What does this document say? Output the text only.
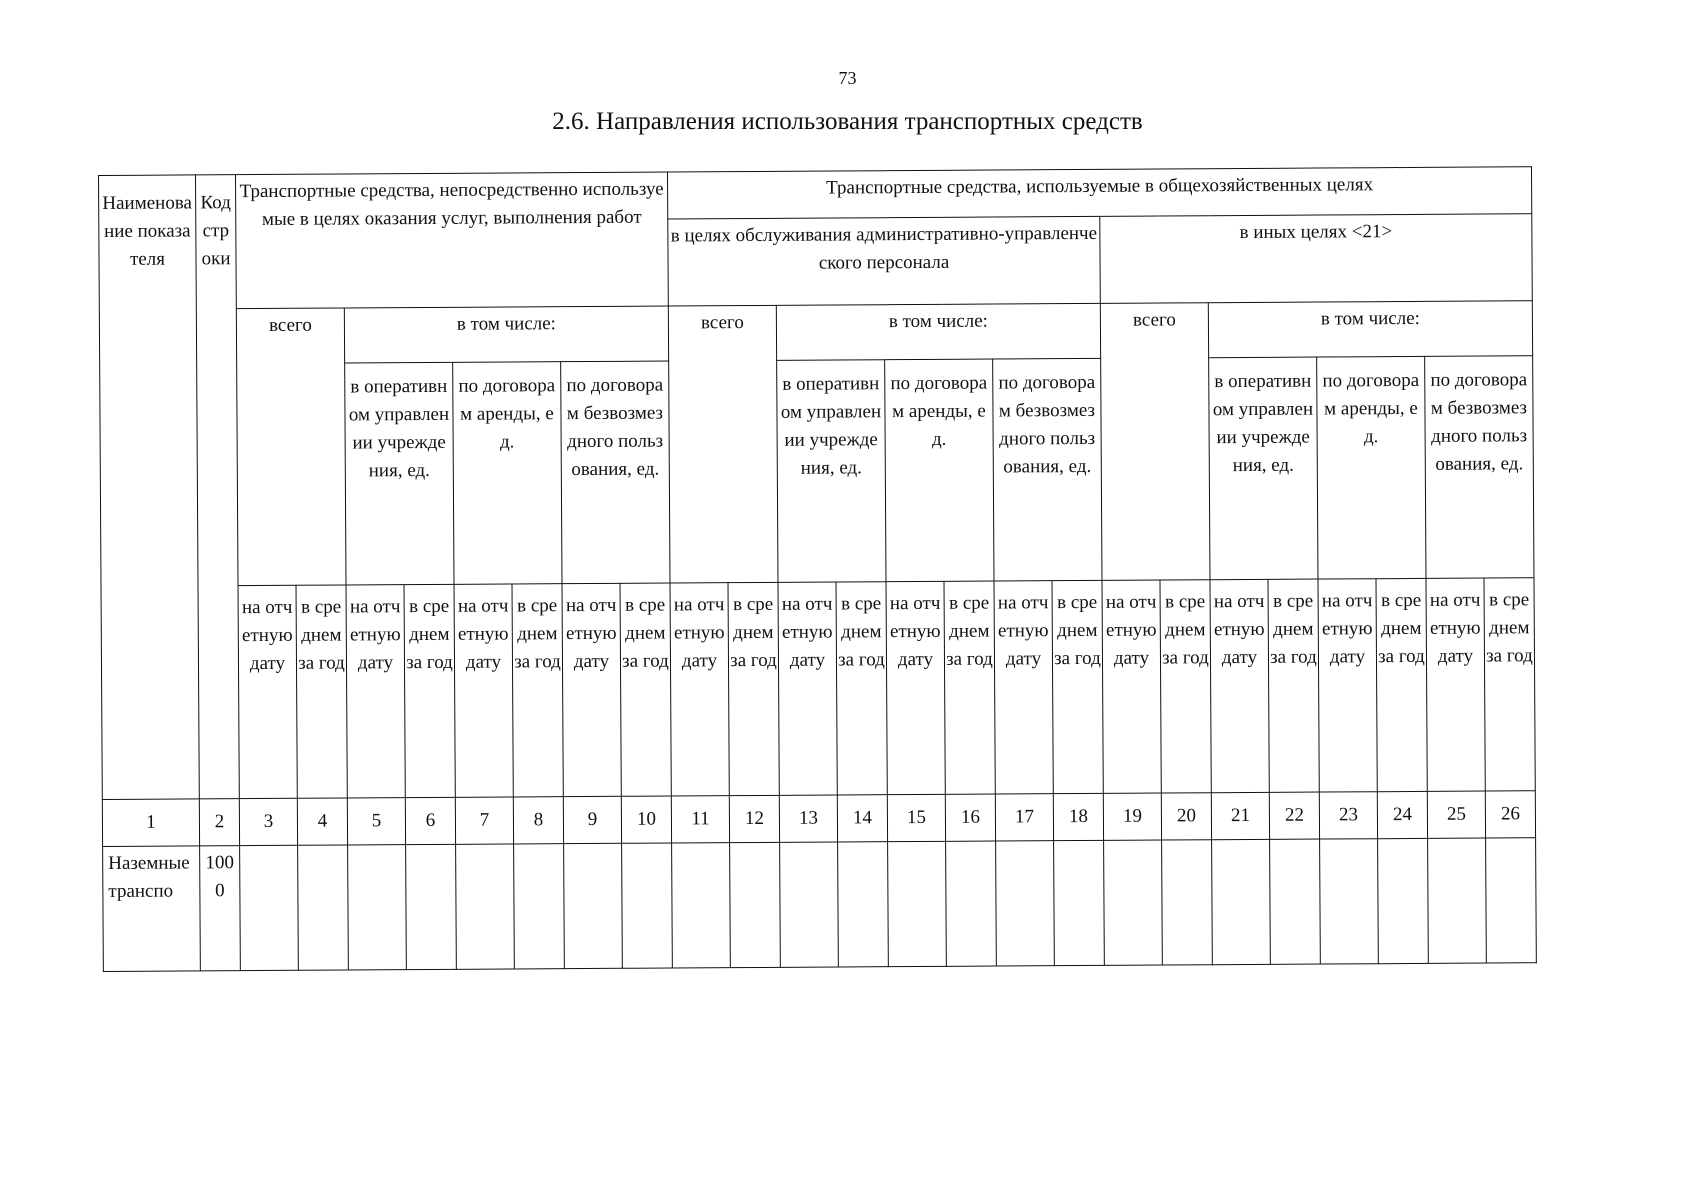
73
2.6. Направления использования транспортных средств
Наименование показателя	Код строки	Транспортные средства, непосредственно используемые в целях оказания услуг, выполнения работ								Транспортные средства, используемые в общехозяйственных целях															
										в целях обслуживания административно-управленческого персонала								в иных целях <21>							
		всего		в том числе:						всего		в том числе:						всего		в том числе:					
				в оперативном управлении учреждения, ед.		по договорам аренды, ед.		по договорам безвозмездного пользования, ед.				в оперативном управлении учреждения, ед.		по договорам аренды, ед.		по договорам безвозмездного пользования, ед.				в оперативном управлении учреждения, ед.		по договорам аренды, ед.		по договорам безвозмездного пользования, ед.	
		на отчетную дату	в среднем за год	на отчетную дату	в среднем за год	на отчетную дату	в среднем за год	на отчетную дату	в среднем за год	на отчетную дату	в среднем за год	на отчетную дату	в среднем за год	на отчетную дату	в среднем за год	на отчетную дату	в среднем за год	на отчетную дату	в среднем за год	на отчетную дату	в среднем за год	на отчетную дату	в среднем за год	на отчетную дату	в среднем за год
1	2	3	4	5	6	7	8	9	10	11	12	13	14	15	16	17	18	19	20	21	22	23	24	25	26
Наземные транспо	1000																								
